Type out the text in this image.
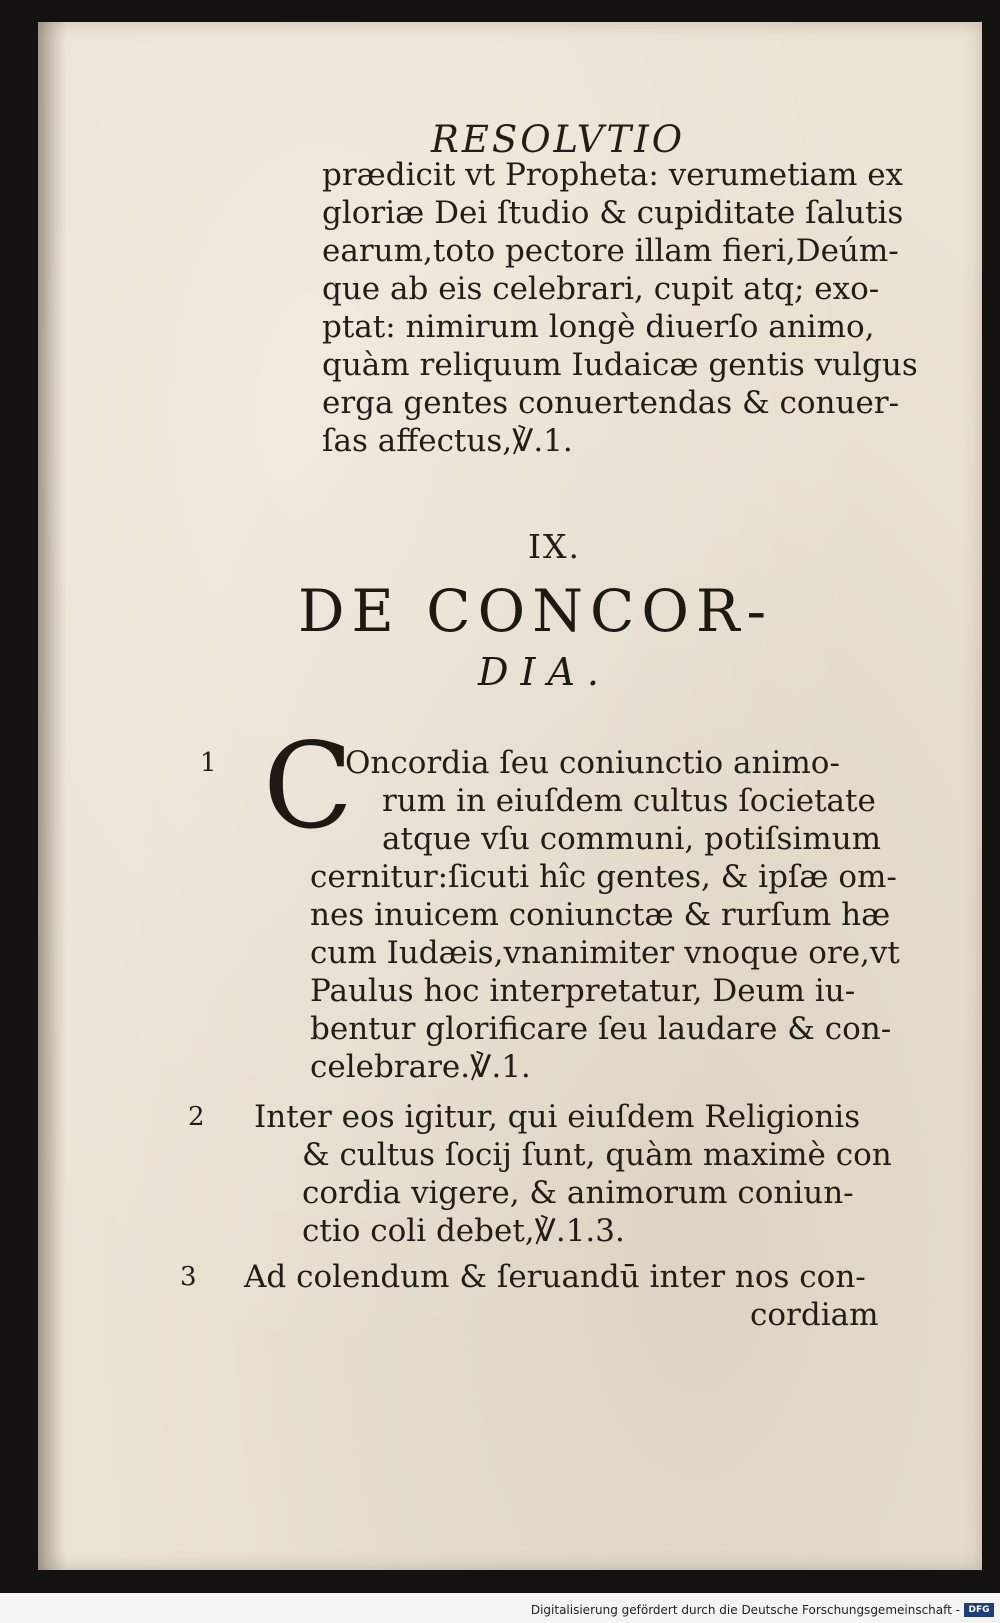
RESOLVTIO
prædicit vt Propheta: verumetiam ex
gloriæ Dei ſtudio & cupiditate ſalutis
earum,toto pectore illam fieri,Deúm-
que ab eis celebrari, cupit atq; exo-
ptat: nimirum longè diuerſo animo,
quàm reliquum Iudaicæ gentis vulgus
erga gentes conuertendas & conuer-
ſas affectus,℣.1.
IX.
DE CONCOR-
DIA.
1 C
Oncordia ſeu coniunctio animo-
rum in eiuſdem cultus ſocietate
atque vſu communi, potiſsimum
cernitur:ſicuti hîc gentes, & ipſæ om-
nes inuicem coniunctæ & rurſum hæ
cum Iudæis,vnanimiter vnoque ore,vt
Paulus hoc interpretatur, Deum iu-
bentur glorificare ſeu laudare & con-
celebrare.℣.1.
2 Inter eos igitur, qui eiuſdem Religionis
& cultus ſocij ſunt, quàm maximè con
cordia vigere, & animorum coniun-
ctio coli debet,℣.1.3.
3 Ad colendum & ſeruandū inter nos con-
cordiam
Digitalisierung gefördert durch die Deutsche Forschungsgemeinschaft - DFG
